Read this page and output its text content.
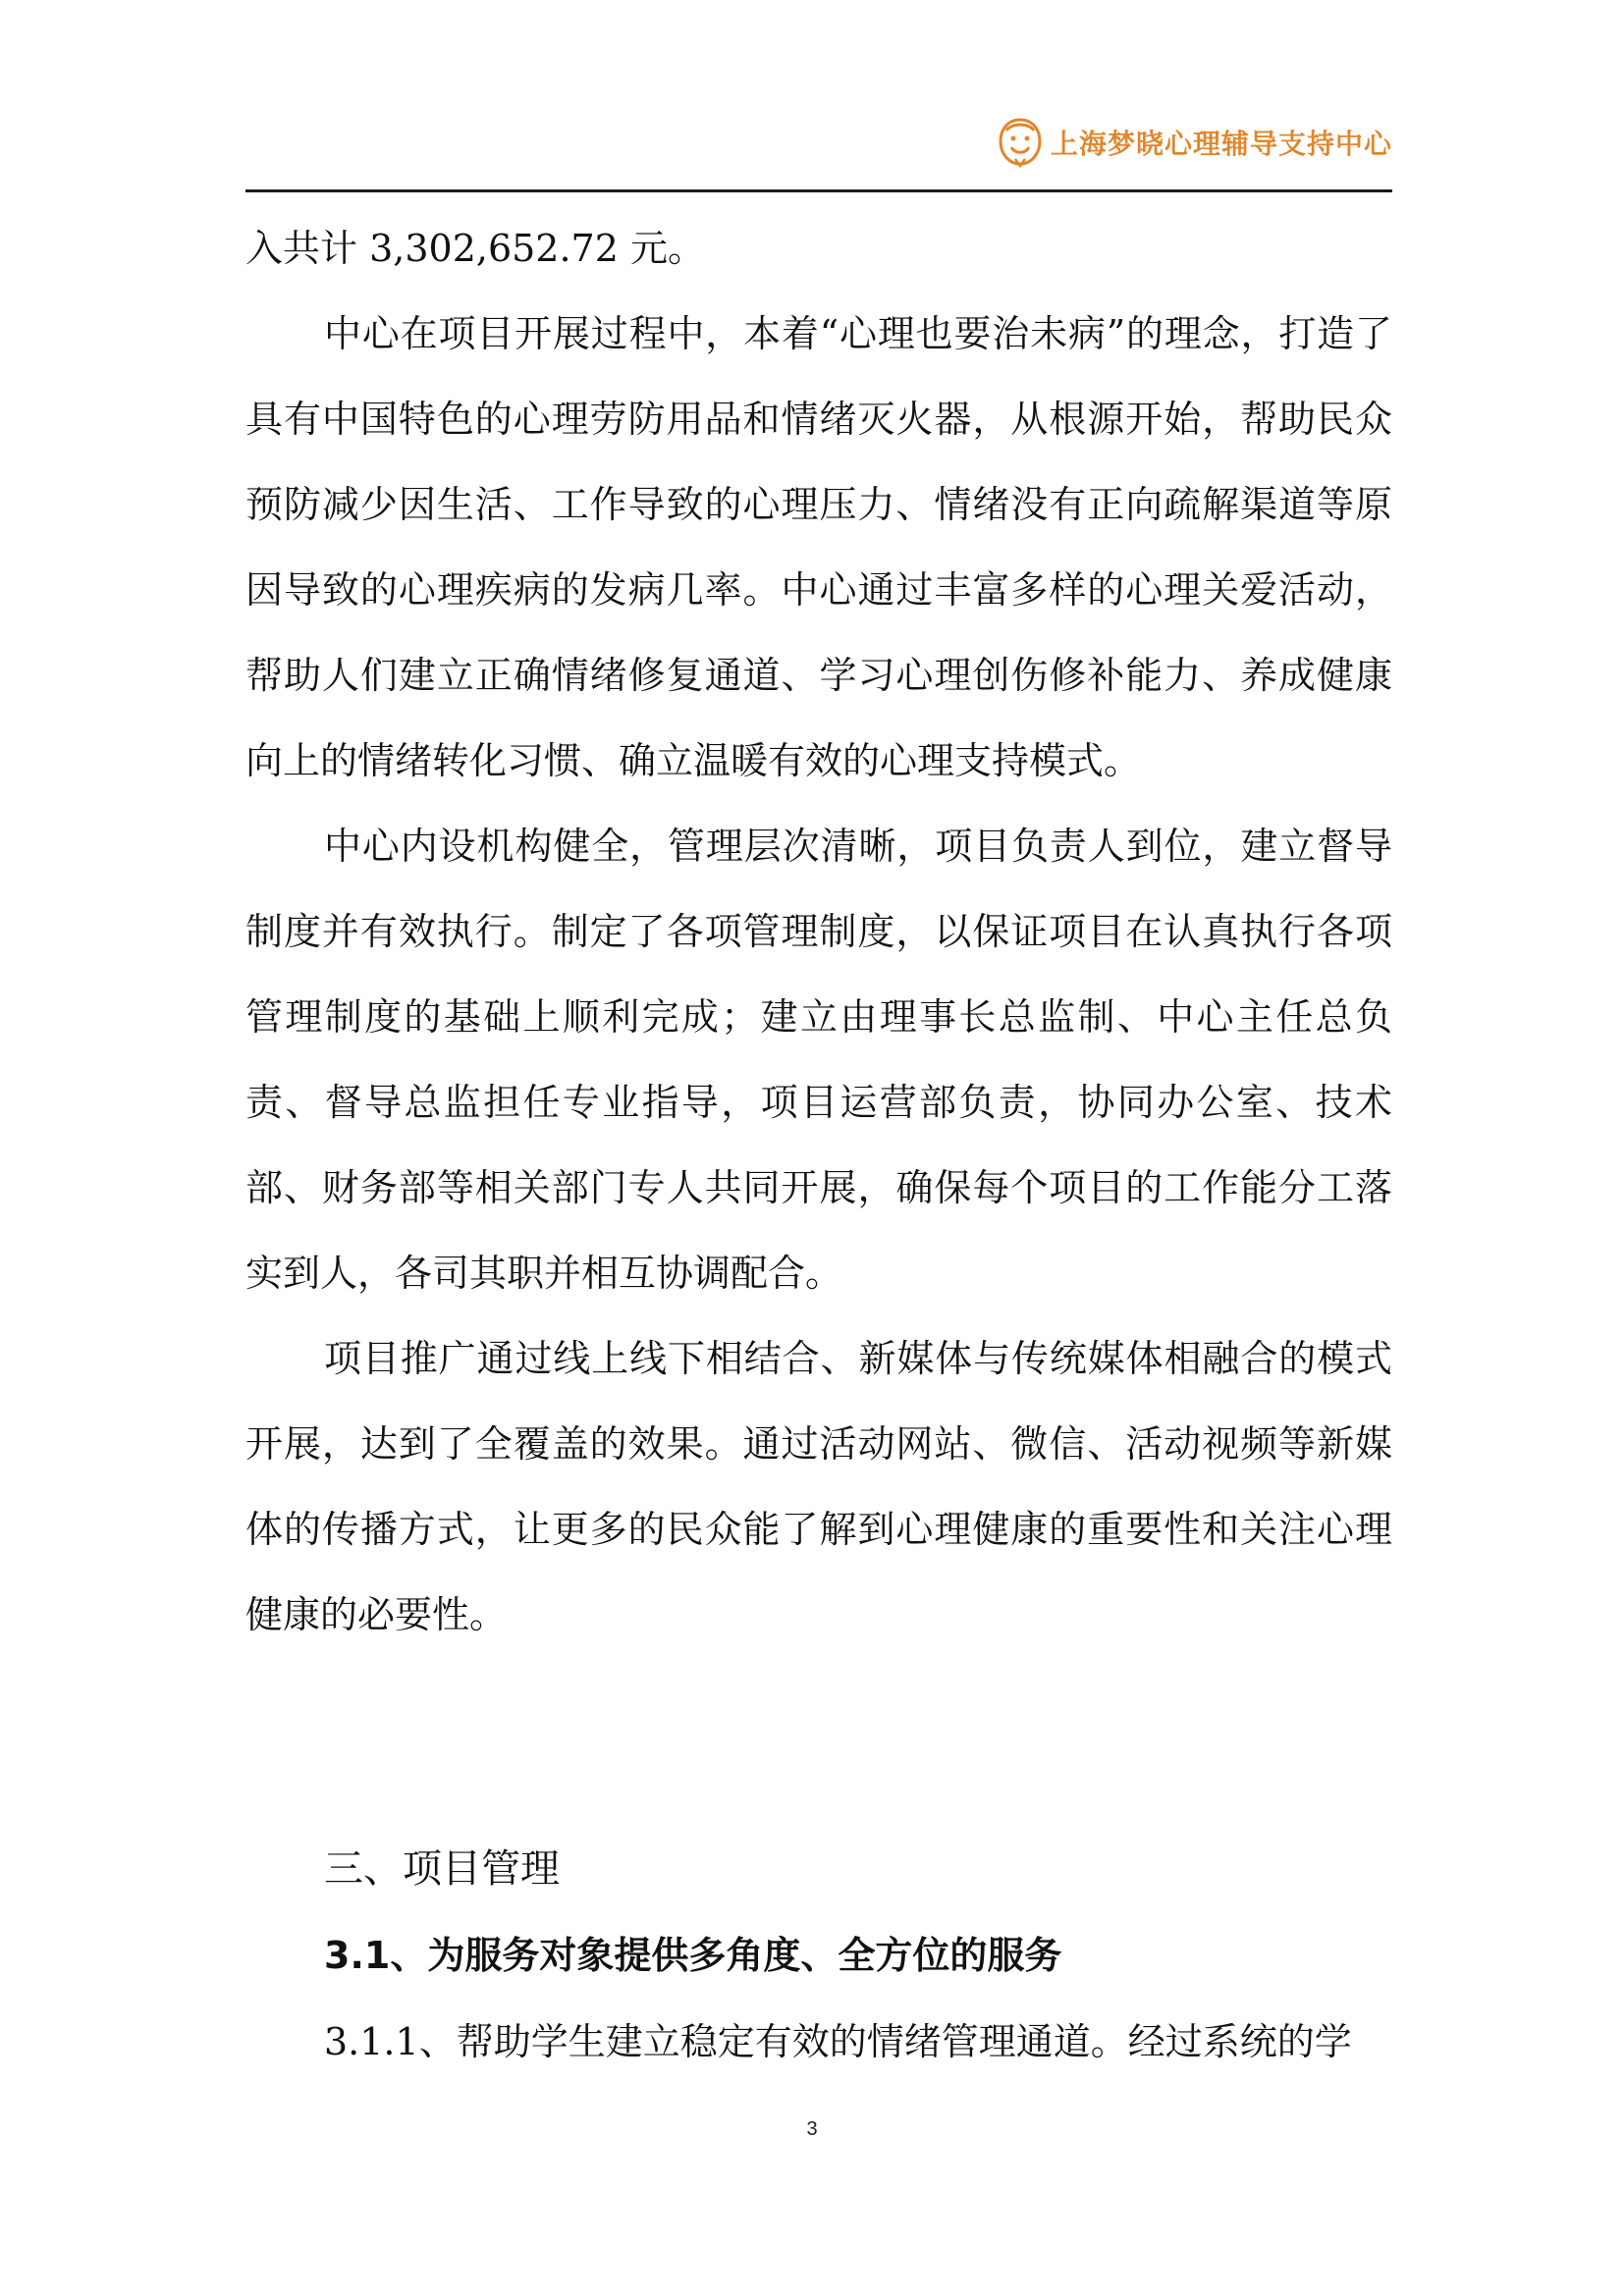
上海梦晓心理辅导支持中心

入共计 3,302,652.72 元。

中心在项目开展过程中，本着“心理也要治未病”的理念，打造了具有中国特色的心理劳防用品和情绪灭火器，从根源开始，帮助民众预防减少因生活、工作导致的心理压力、情绪没有正向疏解渠道等原因导致的心理疾病的发病几率。中心通过丰富多样的心理关爱活动，帮助人们建立正确情绪修复通道、学习心理创伤修补能力、养成健康向上的情绪转化习惯、确立温暖有效的心理支持模式。

中心内设机构健全，管理层次清晰，项目负责人到位，建立督导制度并有效执行。制定了各项管理制度，以保证项目在认真执行各项管理制度的基础上顺利完成；建立由理事长总监制、中心主任总负责、督导总监担任专业指导，项目运营部负责，协同办公室、技术部、财务部等相关部门专人共同开展，确保每个项目的工作能分工落实到人，各司其职并相互协调配合。

项目推广通过线上线下相结合、新媒体与传统媒体相融合的模式开展，达到了全覆盖的效果。通过活动网站、微信、活动视频等新媒体的传播方式，让更多的民众能了解到心理健康的重要性和关注心理健康的必要性。

三、项目管理
3.1、为服务对象提供多角度、全方位的服务

3.1.1、帮助学生建立稳定有效的情绪管理通道。经过系统的学

3
